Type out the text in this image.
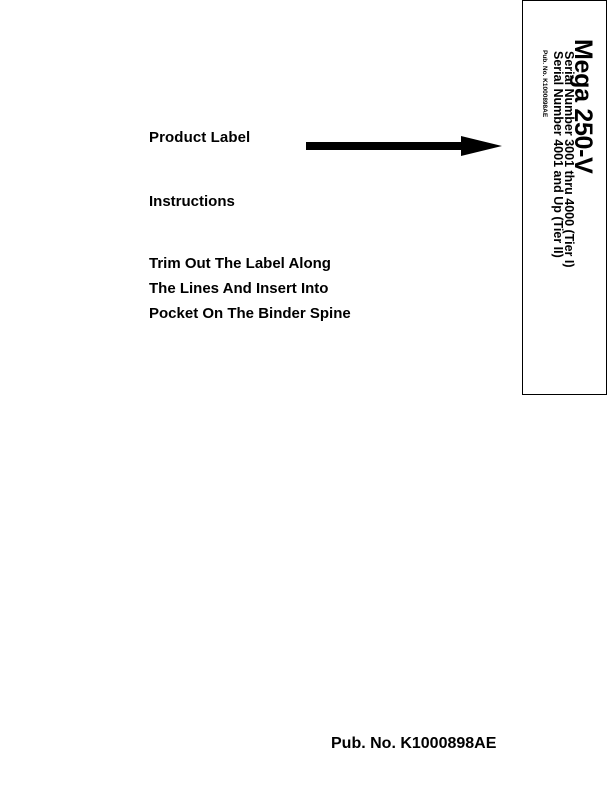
Product Label
Instructions
Trim Out The Label Along
The Lines And Insert Into
Pocket On The Binder Spine
Mega 250-V
Serial Number 3001 thru 4000 (Tier I)
Serial Number 4001 and Up (Tier II)
Pub. No. K1000898AE
Pub. No. K1000898AE
